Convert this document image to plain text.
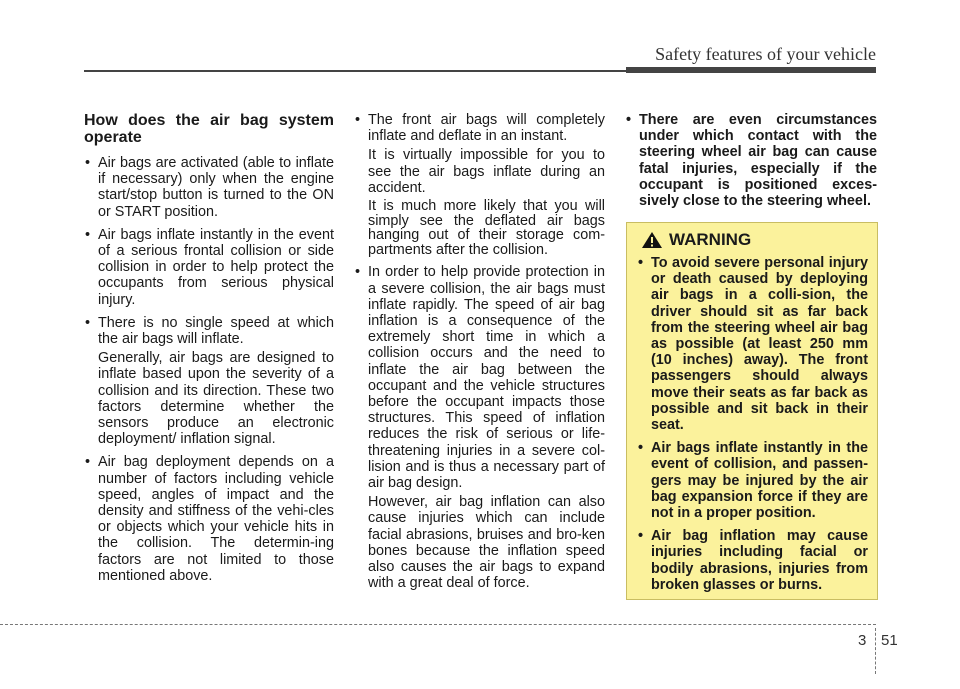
Safety features of your vehicle
How does the air bag system operate
• Air bags are activated (able to inflate if necessary) only when the engine start/stop button is turned to the ON or START position.
• Air bags inflate instantly in the event of a serious frontal collision or side collision in order to help protect the occupants from serious physical injury.
• There is no single speed at which the air bags will inflate.
Generally, air bags are designed to inflate based upon the severity of a collision and its direction. These two factors determine whether the sensors produce an electronic deployment/ inflation signal.
• Air bag deployment depends on a number of factors including vehicle speed, angles of impact and the density and stiffness of the vehi-cles or objects which your vehicle hits in the collision. The determin-ing factors are not limited to those mentioned above.
• The front air bags will completely inflate and deflate in an instant.
It is virtually impossible for you to see the air bags inflate during an accident.
It is much more likely that you will simply see the deflated air bags hanging out of their storage com-partments after the collision.
• In order to help provide protection in a severe collision, the air bags must inflate rapidly. The speed of air bag inflation is a consequence of the extremely short time in which a collision occurs and the need to inflate the air bag between the occupant and the vehicle structures before the occupant impacts those structures. This speed of inflation reduces the risk of serious or life-threatening injuries in a severe col-lision and is thus a necessary part of air bag design.
However, air bag inflation can also cause injuries which can include facial abrasions, bruises and bro-ken bones because the inflation speed also causes the air bags to expand with a great deal of force.
• There are even circumstances under which contact with the steering wheel air bag can cause fatal injuries, especially if the occupant is positioned exces-sively close to the steering wheel.
WARNING
• To avoid severe personal injury or death caused by deploying air bags in a colli-sion, the driver should sit as far back from the steering wheel air bag as possible (at least 250 mm (10 inches) away). The front passengers should always move their seats as far back as possible and sit back in their seat.
• Air bags inflate instantly in the event of collision, and passen-gers may be injured by the air bag expansion force if they are not in a proper position.
• Air bag inflation may cause injuries including facial or bodily abrasions, injuries from broken glasses or burns.
3 51
